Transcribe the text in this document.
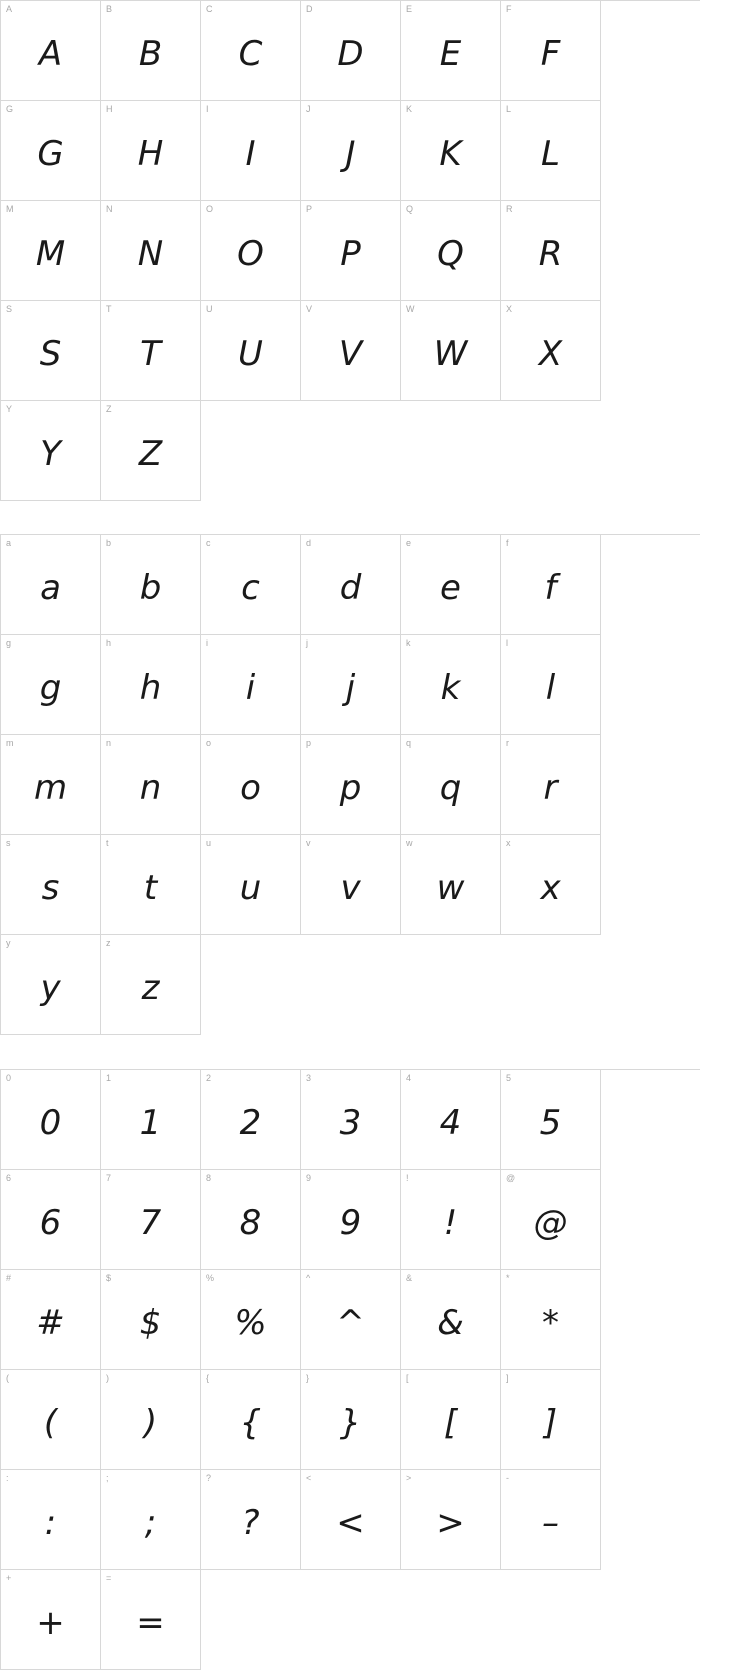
A
A
B
B
C
C
D
D
E
E
F
F
G
G
H
H
I
I
J
J
K
K
L
L
M
M
N
N
O
O
P
P
Q
Q
R
R
S
S
T
T
U
U
V
V
W
W
X
X
Y
Y
Z
Z
a
a
b
b
c
c
d
d
e
e
f
f
g
g
h
h
i
i
j
j
k
k
l
l
m
m
n
n
o
o
p
p
q
q
r
r
s
s
t
t
u
u
v
v
w
w
x
x
y
y
z
z
0
0
1
1
2
2
3
3
4
4
5
5
6
6
7
7
8
8
9
9
!
!
@
@
#
#
$
$
%
%
^
^
&
&
*
*
(
(
)
)
{
{
}
}
[
[
]
]
:
:
;
;
?
?
<
<
>
>
-
–
+
+
=
=
